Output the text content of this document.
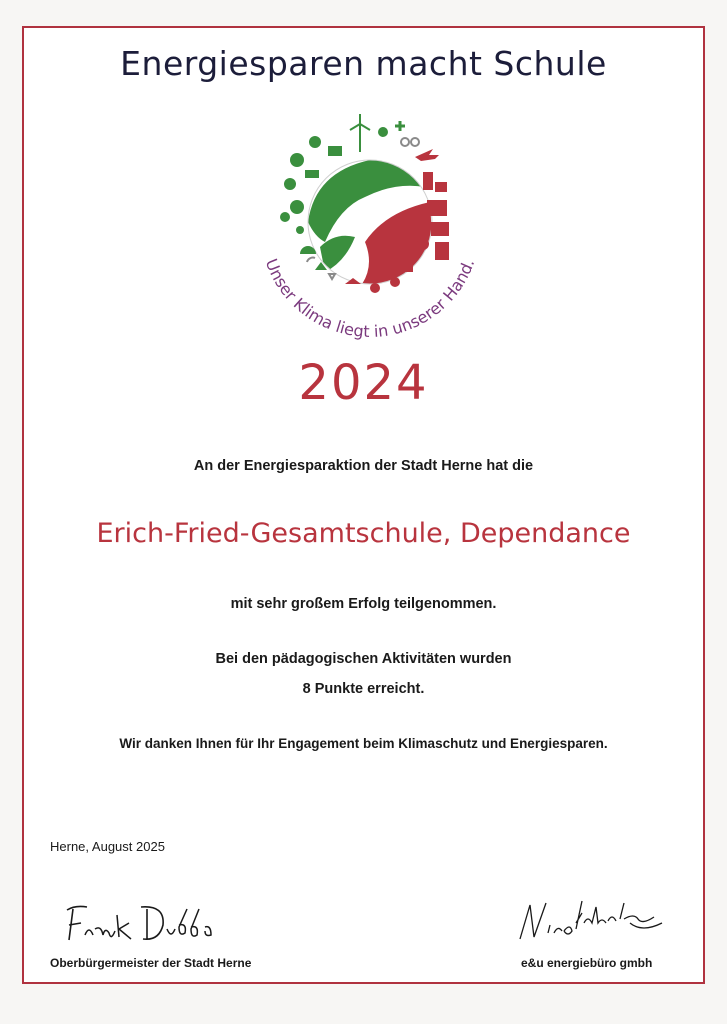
Energiesparen macht Schule
Unser Klima liegt in unserer Hand.
2024
An der Energiesparaktion der Stadt Herne hat die
Erich-Fried-Gesamtschule, Dependance
mit sehr großem Erfolg teilgenommen.
Bei den pädagogischen Aktivitäten wurden
8 Punkte erreicht.
Wir danken Ihnen für Ihr Engagement beim Klimaschutz und Energiesparen.
Herne, August 2025
Oberbürgermeister der Stadt Herne	e&u energiebüro gmbh
